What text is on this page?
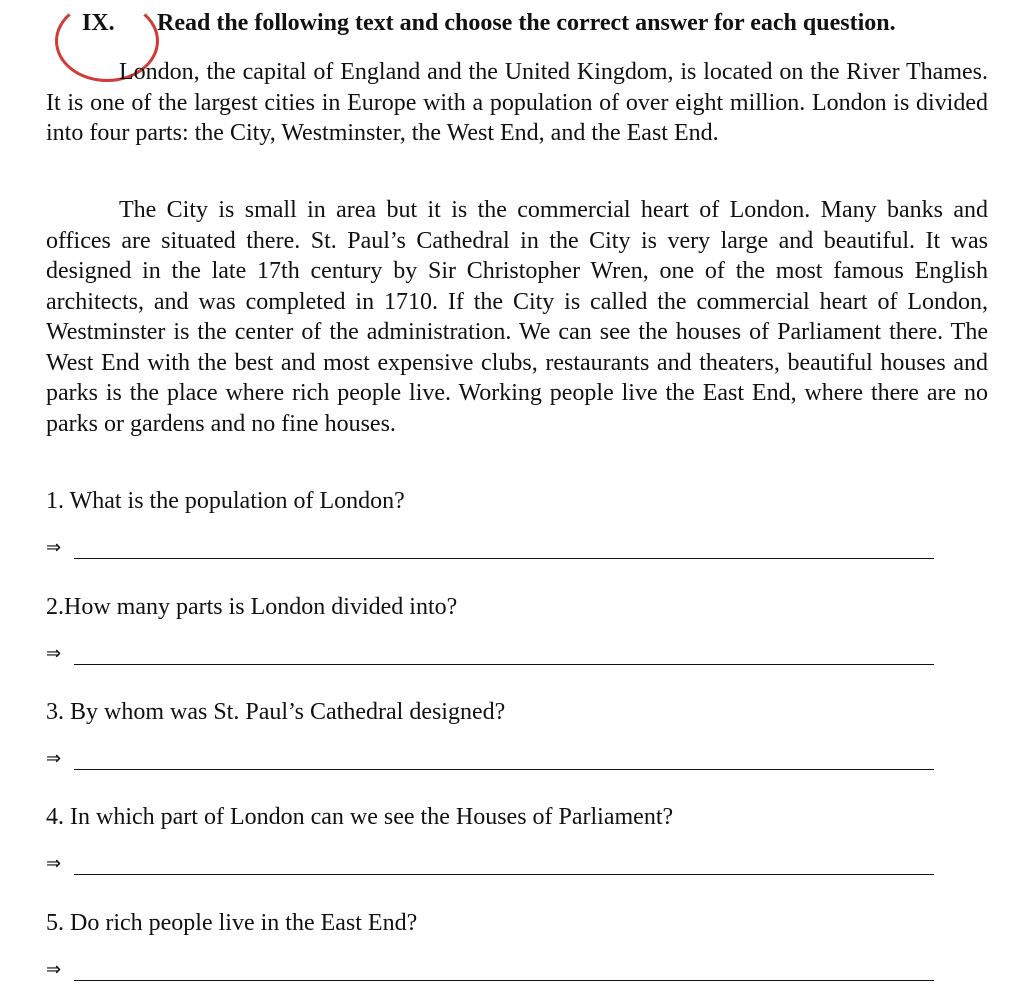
IX. Read the following text and choose the correct answer for each question.

London, the capital of England and the United Kingdom, is located on the River Thames. It is one of the largest cities in Europe with a population of over eight million. London is divided into four parts: the City, Westminster, the West End, and the East End.

The City is small in area but it is the commercial heart of London. Many banks and offices are situated there. St. Paul’s Cathedral in the City is very large and beautiful. It was designed in the late 17th century by Sir Christopher Wren, one of the most famous English architects, and was completed in 1710. If the City is called the commercial heart of London, Westminster is the center of the administration. We can see the houses of Parliament there. The West End with the best and most expensive clubs, restaurants and theaters, beautiful houses and parks is the place where rich people live. Working people live the East End, where there are no parks or gardens and no fine houses.

1. What is the population of London?
⇒
2.How many parts is London divided into?
⇒
3. By whom was St. Paul’s Cathedral designed?
⇒
4. In which part of London can we see the Houses of Parliament?
⇒
5. Do rich people live in the East End?
⇒
